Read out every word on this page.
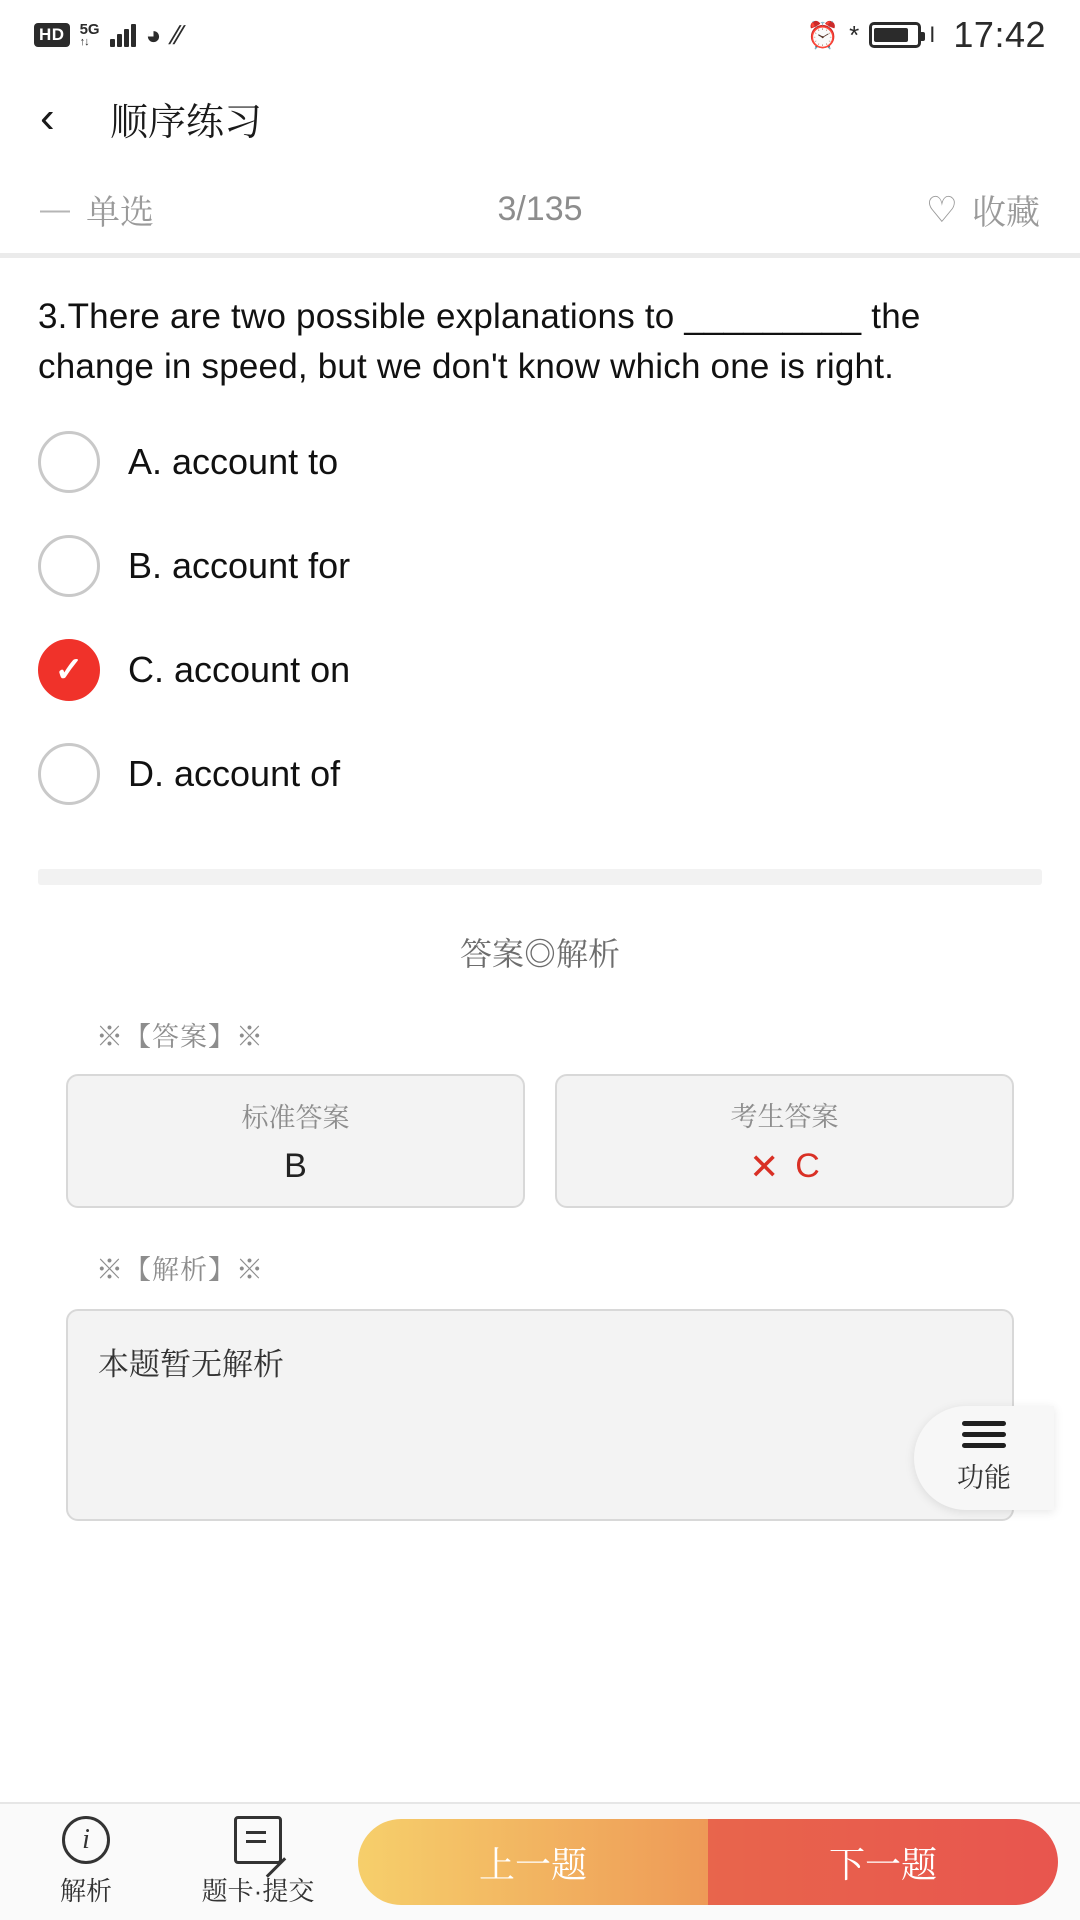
HD	5G
↑↓ ◕ //	⏰ *	I 17:42
‹	顺序练习
— 单选	3/135	♡ 收藏
3.There are two possible explanations to _________ the change in speed, but we don't know which one is right.
A. account to
B. account for
✓ C. account on
D. account of
答案◎解析
※【答案】※
标准答案
B
考生答案
✕ C
※【解析】※
本题暂无解析
功能
i
解析	题卡·提交
上一题	下一题
